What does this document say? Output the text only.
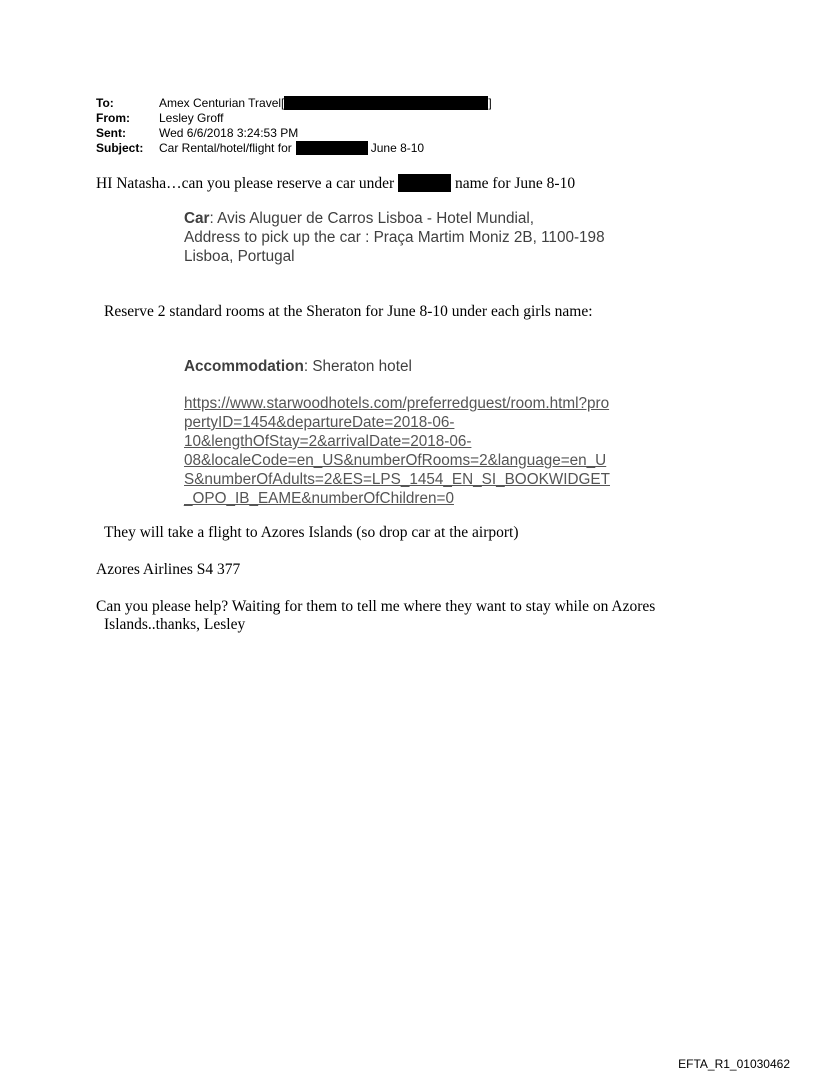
To:	Amex Centurian Travel[	]
From:	Lesley Groff
Sent:	Wed 6/6/2018 3:24:53 PM
Subject:	Car Rental/hotel/flight for	June 8-10
HI Natasha…can you please reserve a car under	name for June 8-10
Car: Avis Aluguer de Carros Lisboa - Hotel Mundial,
Address to pick up the car : Praça Martim Moniz 2B, 1100-198
Lisboa, Portugal
Reserve 2 standard rooms at the Sheraton for June 8-10 under each girls name:
Accommodation: Sheraton hotel
https://www.starwoodhotels.com/preferredguest/room.html?pro
pertyID=1454&departureDate=2018-06-
10&lengthOfStay=2&arrivalDate=2018-06-
08&localeCode=en_US&numberOfRooms=2&language=en_U
S&numberOfAdults=2&ES=LPS_1454_EN_SI_BOOKWIDGET
_OPO_IB_EAME&numberOfChildren=0
They will take a flight to Azores Islands (so drop car at the airport)
Azores Airlines S4 377
Can you please help? Waiting for them to tell me where they want to stay while on Azores
Islands..thanks, Lesley
EFTA_R1_01030462
